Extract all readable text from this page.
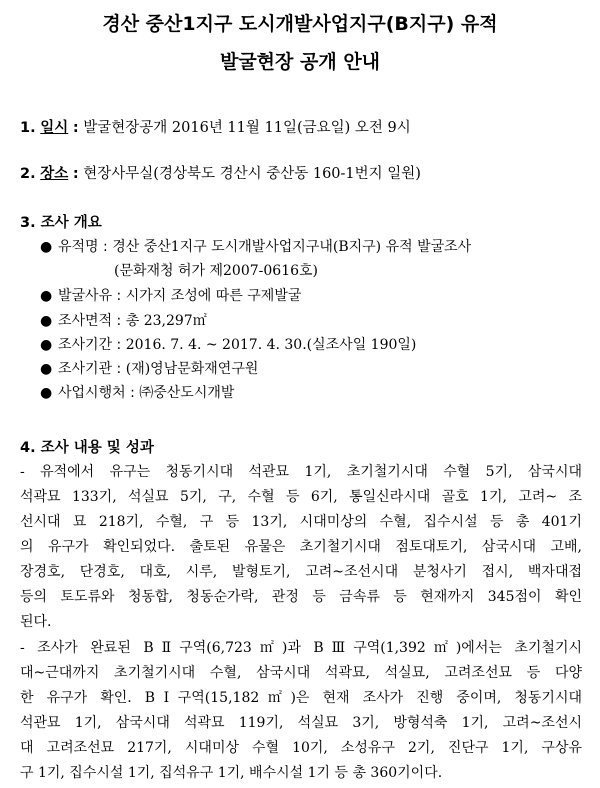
경산 중산1지구 도시개발사업지구(B지구) 유적
발굴현장 공개 안내
1. 일시 : 발굴현장공개 2016년 11월 11일(금요일) 오전 9시
2. 장소 : 현장사무실(경상북도 경산시 중산동 160-1번지 일원)
3. 조사 개요
● 유적명 : 경산 중산1지구 도시개발사업지구내(B지구) 유적 발굴조사
(문화재청 허가 제2007-0616호)
● 발굴사유 : 시가지 조성에 따른 구제발굴
● 조사면적 : 총 23,297㎡
● 조사기간 : 2016. 7. 4. ~ 2017. 4. 30.(실조사일 190일)
● 조사기관 : (재)영남문화재연구원
● 사업시행처 : ㈜중산도시개발
4. 조사 내용 및 성과
- 유적에서 유구는 청동기시대 석관묘 1기, 초기철기시대 수혈 5기, 삼국시대
석곽묘 133기, 석실묘 5기, 구, 수혈 등 6기, 통일신라시대 골호 1기, 고려~ 조
선시대 묘 218기, 수혈, 구 등 13기, 시대미상의 수혈, 집수시설 등 총 401기
의 유구가 확인되었다. 출토된 유물은 초기철기시대 점토대토기, 삼국시대 고배,
장경호, 단경호, 대호, 시루, 발형토기, 고려~조선시대 분청사기 접시, 백자대접
등의 토도류와 청동합, 청동순가락, 관정 등 금속류 등 현재까지 345점이 확인
된다.
- 조사가 완료된 BⅡ구역(6,723㎡)과 BⅢ구역(1,392㎡)에서는 초기철기시
대~근대까지 초기철기시대 수혈, 삼국시대 석곽묘, 석실묘, 고려조선묘 등 다양
한 유구가 확인. BⅠ구역(15,182㎡)은 현재 조사가 진행 중이며, 청동기시대
석관묘 1기, 삼국시대 석곽묘 119기, 석실묘 3기, 방형석축 1기, 고려~조선시
대 고려조선묘 217기, 시대미상 수혈 10기, 소성유구 2기, 진단구 1기, 구상유
구 1기, 집수시설 1기, 집석유구 1기, 배수시설 1기 등 총 360기이다.
